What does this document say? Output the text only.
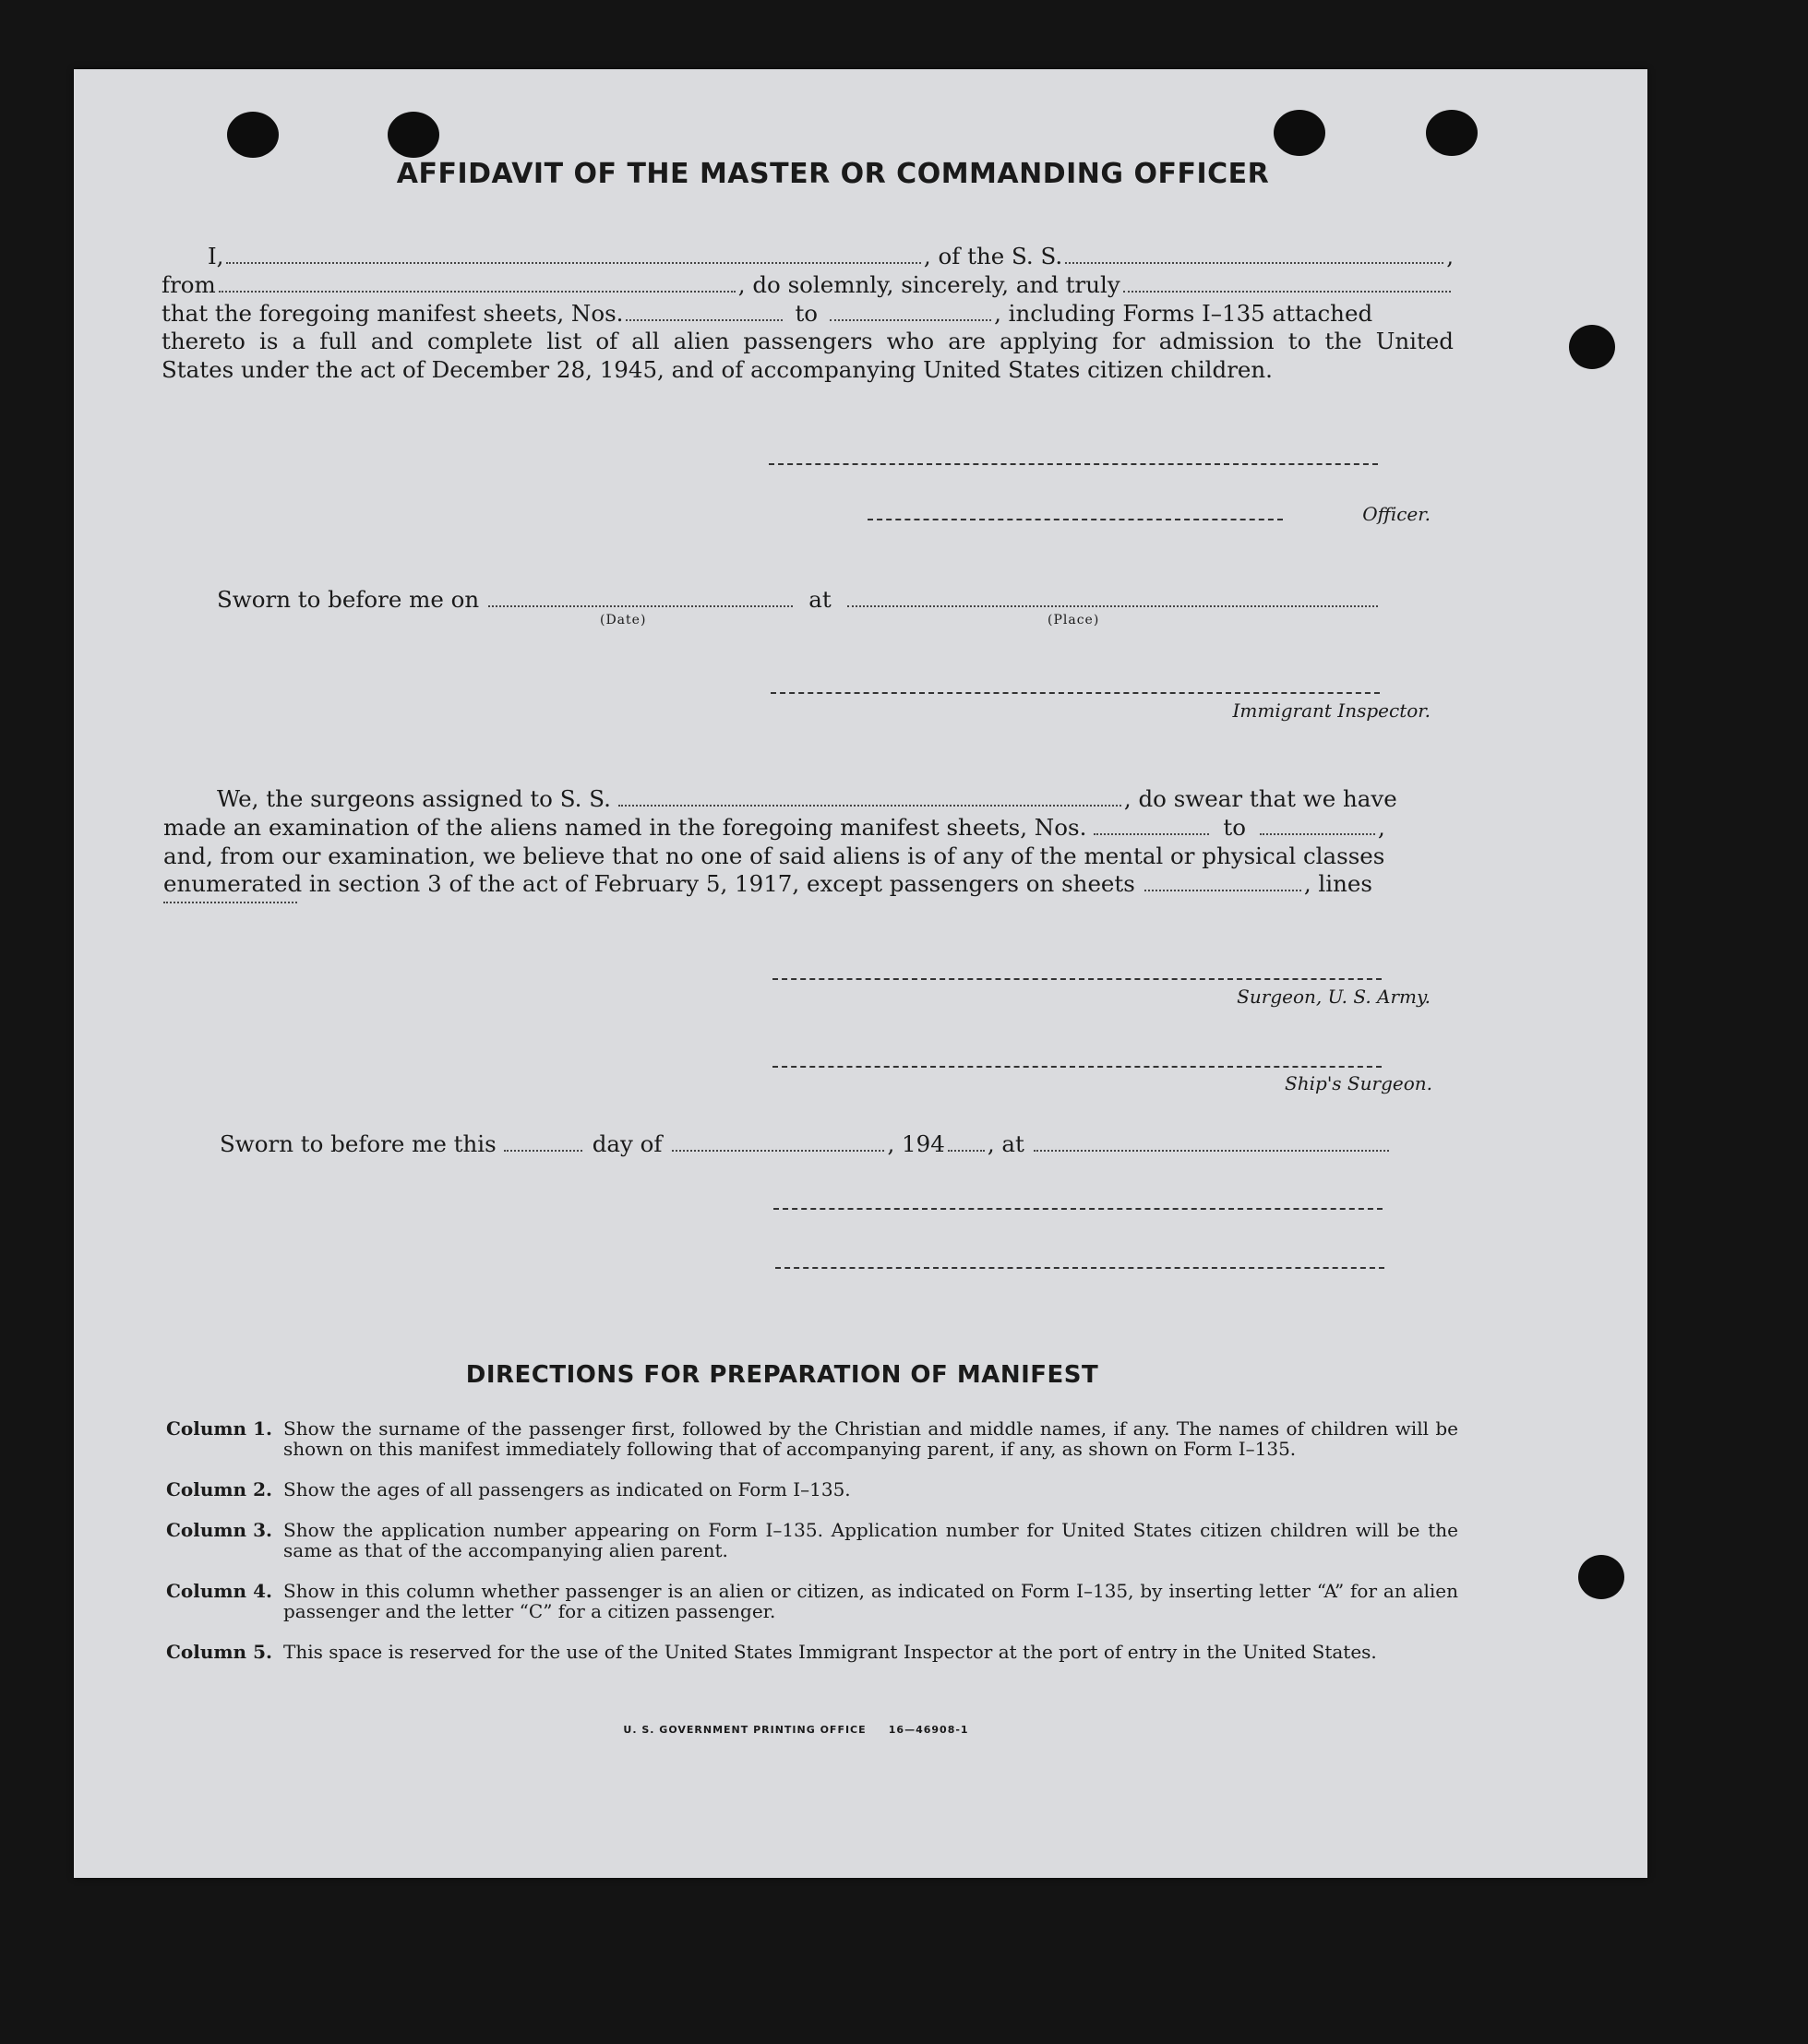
AFFIDAVIT OF THE MASTER OR COMMANDING OFFICER
I,	, of the S. S.	,
from	, do solemnly, sincerely, and truly
that the foregoing manifest sheets, Nos.	to	, including Forms I–135 attached
thereto is a full and complete list of all alien passengers who are applying for admission to the United
States under the act of December 28, 1945, and of accompanying United States citizen children.
Officer.
Sworn to before me on	at
(Date)	(Place)
Immigrant Inspector.
We, the surgeons assigned to S. S.	, do swear that we have
made an examination of the aliens named in the foregoing manifest sheets, Nos.	to	,
and, from our examination, we believe that no one of said aliens is of any of the mental or physical classes
enumerated in section 3 of the act of February 5, 1917, except passengers on sheets	, lines
Surgeon, U. S. Army.
Ship's Surgeon.
Sworn to before me this	day of	, 194 , at
DIRECTIONS FOR PREPARATION OF MANIFEST
Column 1. Show the surname of the passenger first, followed by the Christian and middle names, if any. The names of children will be shown on this manifest immediately following that of accompanying parent, if any, as shown on Form I–135.
Column 2. Show the ages of all passengers as indicated on Form I–135.
Column 3. Show the application number appearing on Form I–135. Application number for United States citizen children will be the same as that of the accompanying alien parent.
Column 4. Show in this column whether passenger is an alien or citizen, as indicated on Form I–135, by inserting letter “A” for an alien passenger and the letter “C” for a citizen passenger.
Column 5. This space is reserved for the use of the United States Immigrant Inspector at the port of entry in the United States.
U. S. GOVERNMENT PRINTING OFFICE     16—46908-1
